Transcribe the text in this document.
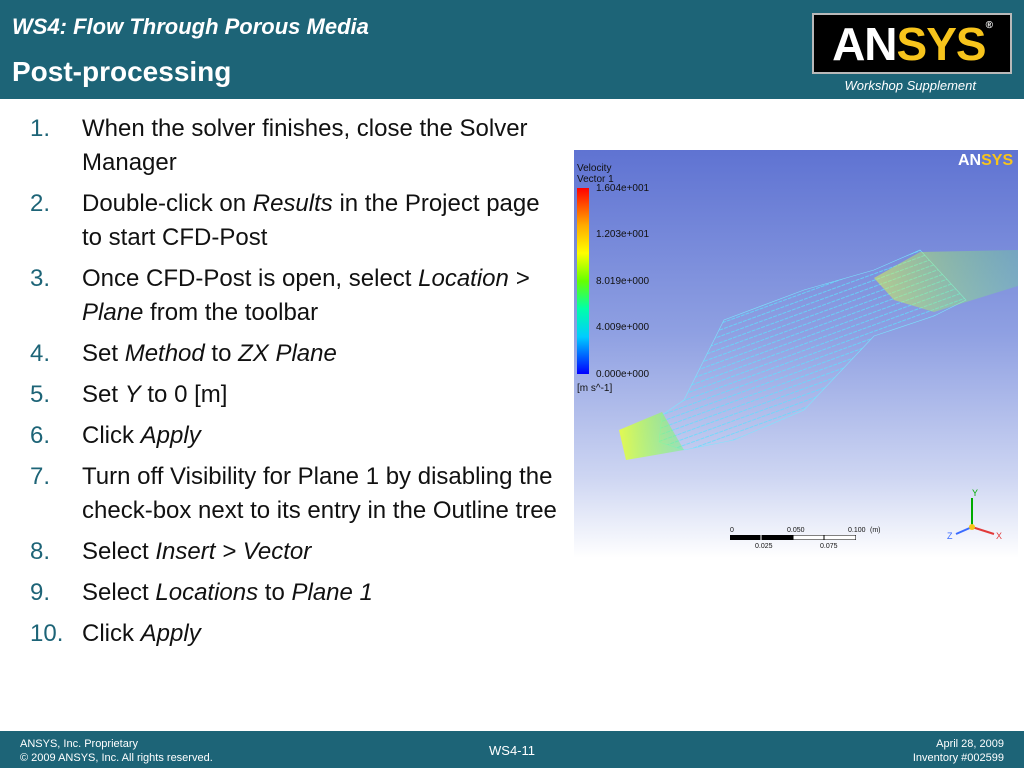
WS4: Flow Through Porous Media
Post-processing
ANSYS®
Workshop Supplement
1.	When the solver finishes, close the Solver Manager
2.	Double-click on Results in the Project page to start CFD-Post
3.	Once CFD-Post is open, select Location > Plane from the toolbar
4.	Set Method to ZX Plane
5.	Set Y to 0 [m]
6.	Click Apply
7.	Turn off Visibility for Plane 1 by disabling the check-box next to its entry in the Outline tree
8.	Select Insert > Vector
9.	Select Locations to Plane 1
10. Click Apply
ANSYS
Velocity
Vector 1
1.604e+001
1.203e+001
8.019e+000
4.009e+000
0.000e+000
[m s^-1]
Y
X
Z
0	0.050	0.100 (m)
0.025	0.075
ANSYS, Inc. Proprietary
© 2009 ANSYS, Inc. All rights reserved.	WS4-11	April 28, 2009
Inventory #002599
